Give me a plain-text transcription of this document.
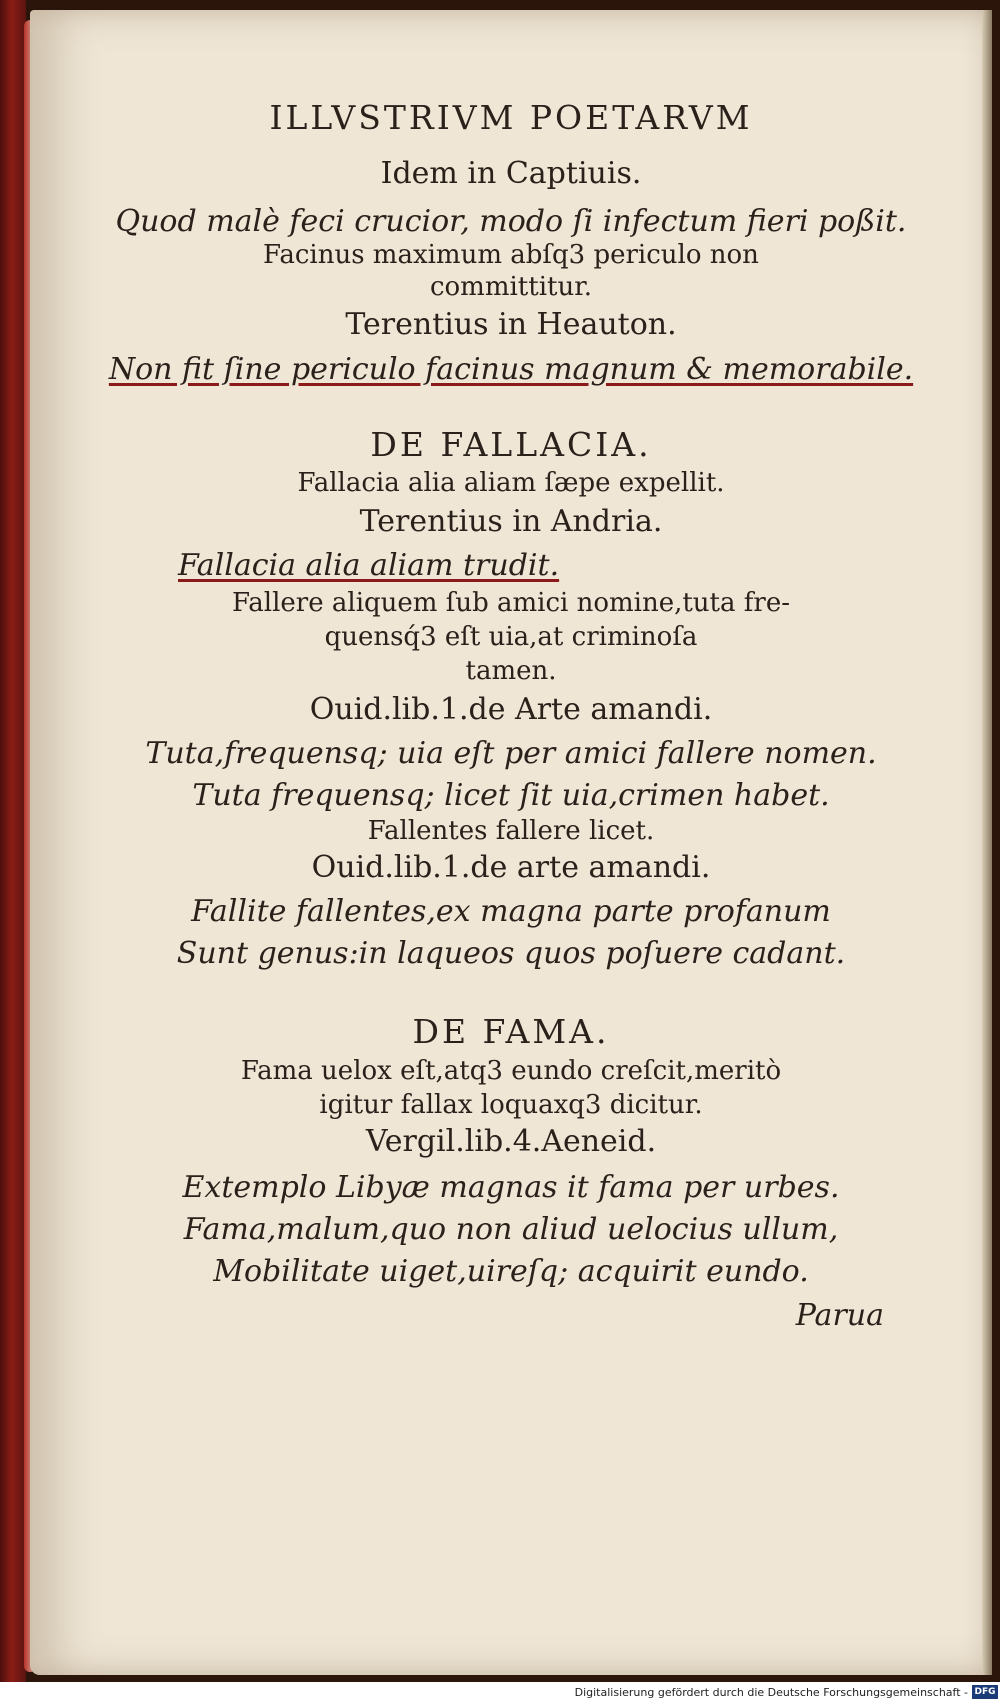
ILLVSTRIVM POETARVM
Idem in Captiuis.
Quod malè feci crucior, modo ſi infectum fieri poßit.
Facinus maximum abſq3 periculo non
committitur.
Terentius in Heauton.
Non fit ſine periculo facinus magnum & memorabile.
DE FALLACIA.
Fallacia alia aliam ſæpe expellit.
Terentius in Andria.
Fallacia alia aliam trudit.
Fallere aliquem ſub amici nomine,tuta fre-
quensq́3 eſt uia,at criminoſa
tamen.
Ouid.lib.1.de Arte amandi.
Tuta,frequensq; uia eſt per amici fallere nomen.
Tuta frequensq; licet ſit uia,crimen habet.
Fallentes fallere licet.
Ouid.lib.1.de arte amandi.
Fallite fallentes,ex magna parte profanum
Sunt genus:in laqueos quos poſuere cadant.
DE FAMA.
Fama uelox eſt,atq3 eundo creſcit,meritò
igitur fallax loquaxq3 dicitur.
Vergil.lib.4.Aeneid.
Extemplo Libyæ magnas it fama per urbes.
Fama,malum,quo non aliud uelocius ullum,
Mobilitate uiget,uireſq; acquirit eundo.
Parua
Digitalisierung gefördert durch die Deutsche Forschungsgemeinschaft - DFG
